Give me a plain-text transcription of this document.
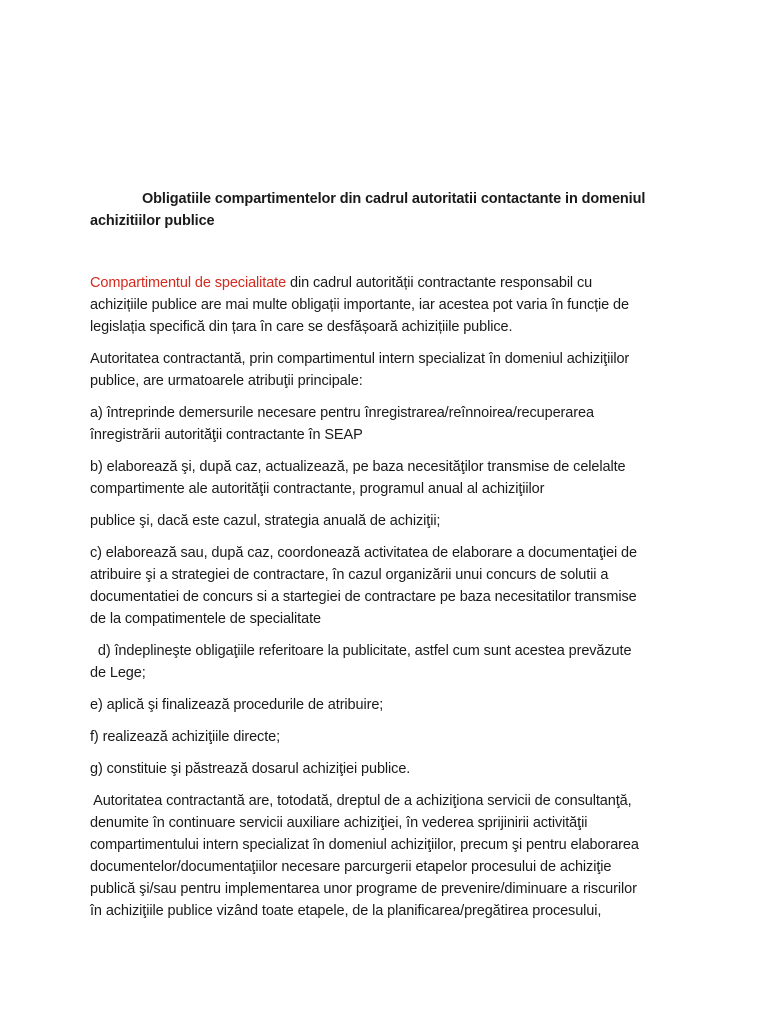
Obligatiile compartimentelor din cadrul autoritatii contactante in domeniul
achizitiilor publice

Compartimentul de specialitate din cadrul autorității contractante responsabil cu
achizițiile publice are mai multe obligații importante, iar acestea pot varia în funcție de
legislația specifică din țara în care se desfășoară achizițiile publice.

Autoritatea contractantă, prin compartimentul intern specializat în domeniul achiziţiilor
publice, are urmatoarele atribuţii principale:

a) întreprinde demersurile necesare pentru înregistrarea/reînnoirea/recuperarea
înregistrării autorităţii contractante în SEAP

b) elaborează şi, după caz, actualizează, pe baza necesităţilor transmise de celelalte
compartimente ale autorităţii contractante, programul anual al achiziţiilor

publice şi, dacă este cazul, strategia anuală de achiziţii;

c) elaborează sau, după caz, coordonează activitatea de elaborare a documentaţiei de
atribuire şi a strategiei de contractare, în cazul organizării unui concurs de solutii a
documentatiei de concurs si a startegiei de contractare pe baza necesitatilor transmise
de la compatimentele de specialitate

d) îndeplineşte obligaţiile referitoare la publicitate, astfel cum sunt acestea prevăzute
de Lege;

e) aplică şi finalizează procedurile de atribuire;

f) realizează achiziţiile directe;

g) constituie şi păstrează dosarul achiziţiei publice.

Autoritatea contractantă are, totodată, dreptul de a achiziţiona servicii de consultanţă,
denumite în continuare servicii auxiliare achiziţiei, în vederea sprijinirii activităţii
compartimentului intern specializat în domeniul achiziţiilor, precum şi pentru elaborarea
documentelor/documentaţiilor necesare parcurgerii etapelor procesului de achiziţie
publică şi/sau pentru implementarea unor programe de prevenire/diminuare a riscurilor
în achiziţiile publice vizând toate etapele, de la planificarea/pregătirea procesului,
